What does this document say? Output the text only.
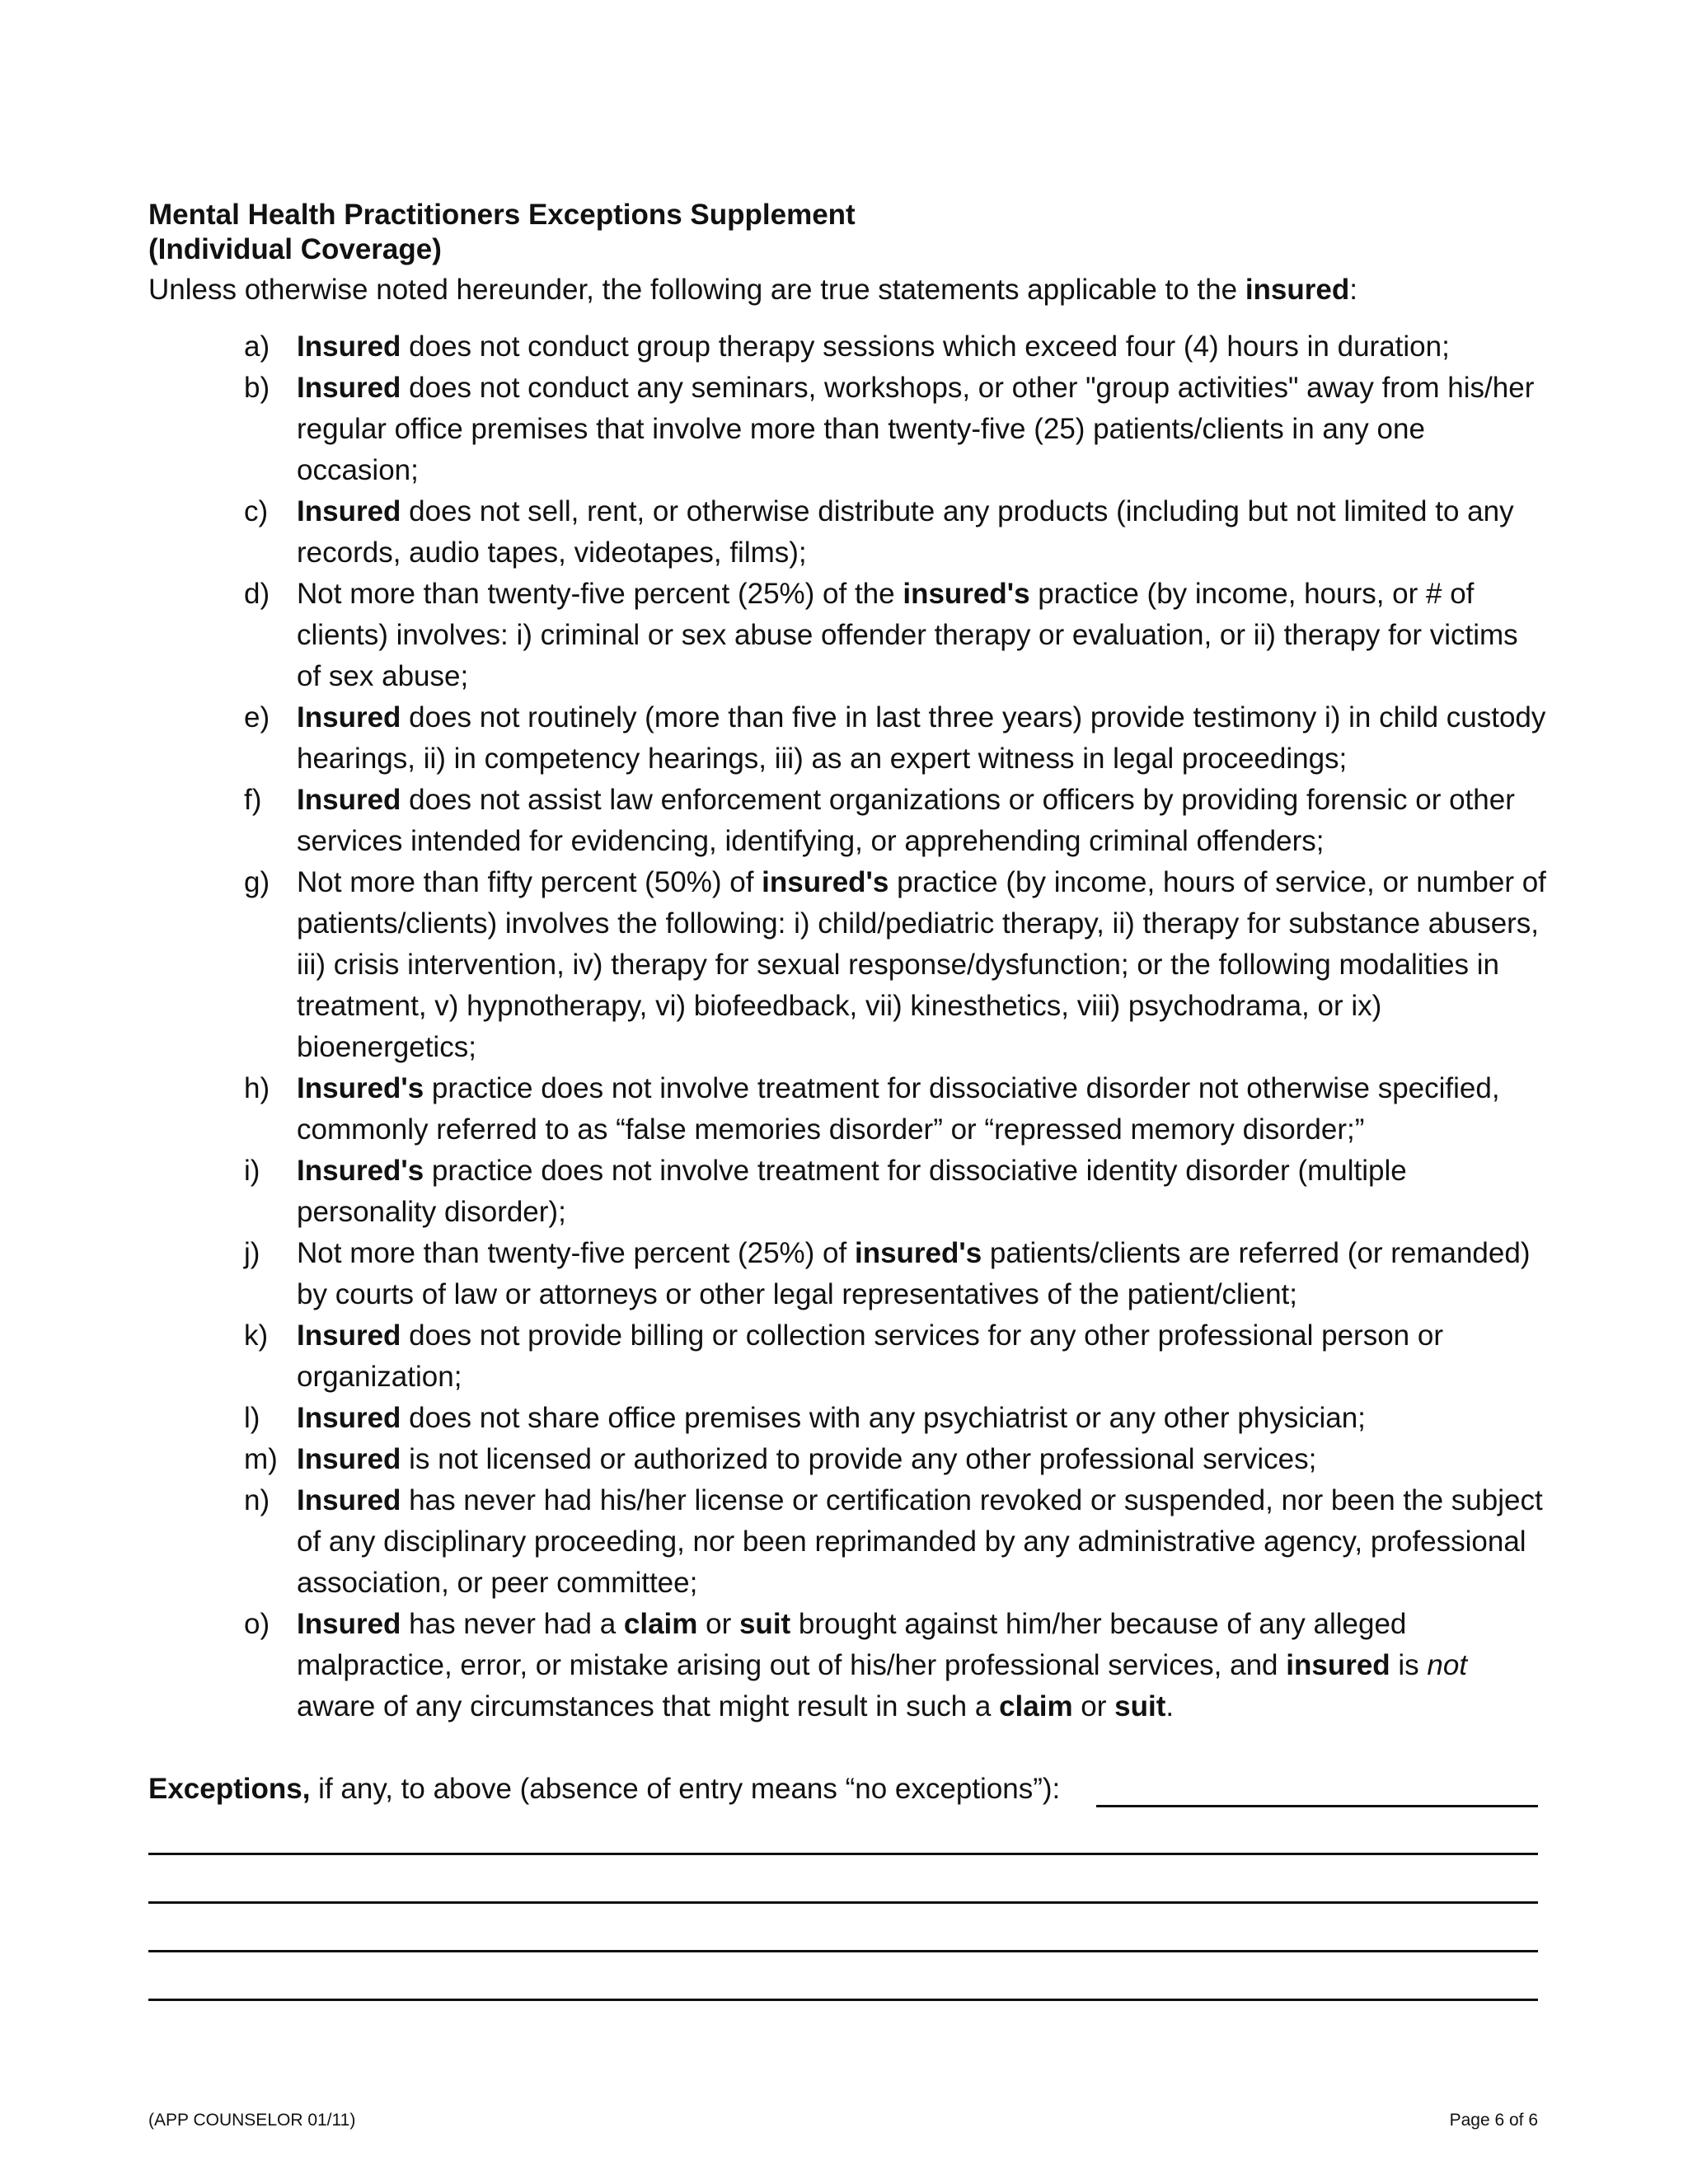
Mental Health Practitioners Exceptions Supplement
(Individual Coverage)
Unless otherwise noted hereunder, the following are true statements applicable to the insured:
a) Insured does not conduct group therapy sessions which exceed four (4) hours in duration;
b) Insured does not conduct any seminars, workshops, or other "group activities" away from his/her regular office premises that involve more than twenty-five (25) patients/clients in any one occasion;
c) Insured does not sell, rent, or otherwise distribute any products (including but not limited to any records, audio tapes, videotapes, films);
d) Not more than twenty-five percent (25%) of the insured's practice (by income, hours, or # of clients) involves: i) criminal or sex abuse offender therapy or evaluation, or ii) therapy for victims of sex abuse;
e) Insured does not routinely (more than five in last three years) provide testimony i) in child custody hearings, ii) in competency hearings, iii) as an expert witness in legal proceedings;
f)	Insured does not assist law enforcement organizations or officers by providing forensic or other services intended for evidencing, identifying, or apprehending criminal offenders;
g) Not more than fifty percent (50%) of insured's practice (by income, hours of service, or number of patients/clients) involves the following: i) child/pediatric therapy, ii) therapy for substance abusers, iii) crisis intervention, iv) therapy for sexual response/dysfunction; or the following modalities in treatment, v) hypnotherapy, vi) biofeedback, vii) kinesthetics, viii) psychodrama, or ix) bioenergetics;
h) Insured's practice does not involve treatment for dissociative disorder not otherwise specified, commonly referred to as “false memories disorder” or “repressed memory disorder;”
i)	Insured's practice does not involve treatment for dissociative identity disorder (multiple personality disorder);
j)	Not more than twenty-five percent (25%) of insured's patients/clients are referred (or remanded) by courts of law or attorneys or other legal representatives of the patient/client;
k) Insured does not provide billing or collection services for any other professional person or organization;
l)	Insured does not share office premises with any psychiatrist or any other physician;
m) Insured is not licensed or authorized to provide any other professional services;
n) Insured has never had his/her license or certification revoked or suspended, nor been the subject of any disciplinary proceeding, nor been reprimanded by any administrative agency, professional association, or peer committee;
o) Insured has never had a claim or suit brought against him/her because of any alleged malpractice, error, or mistake arising out of his/her professional services, and insured is not aware of any circumstances that might result in such a claim or suit.
Exceptions, if any, to above (absence of entry means “no exceptions”):
(APP COUNSELOR 01/11)	Page 6 of 6
